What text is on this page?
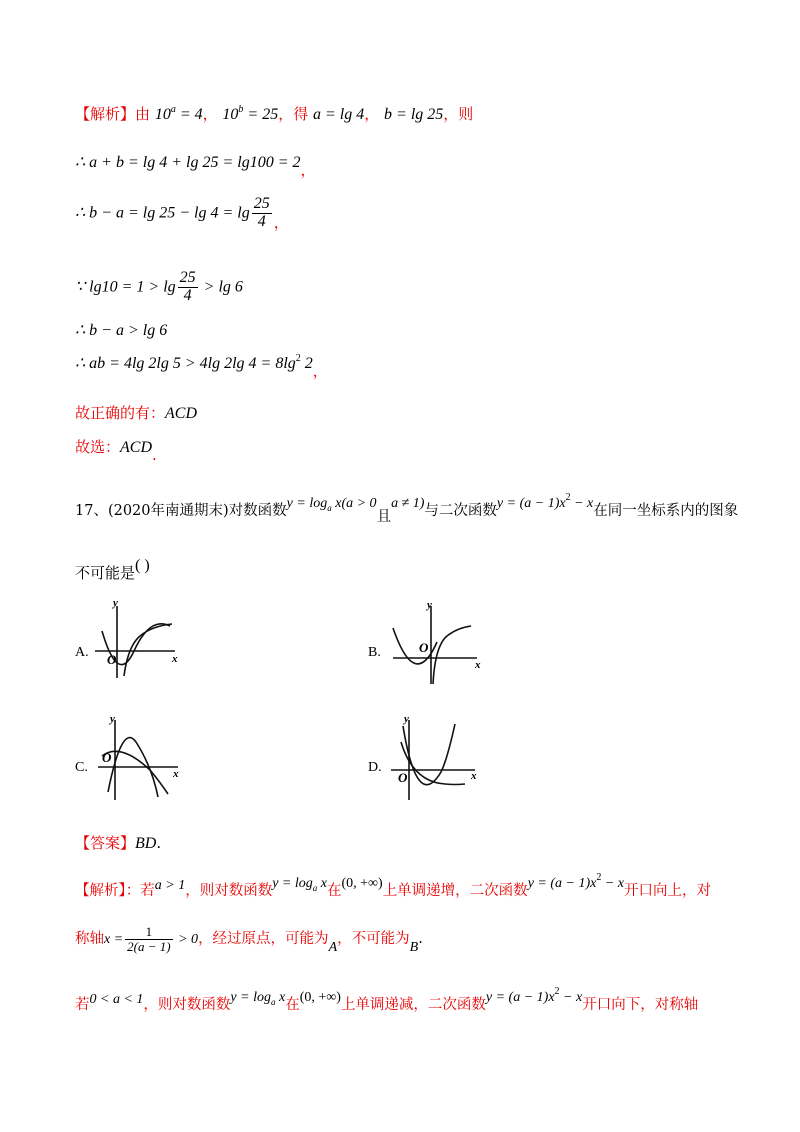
【解析】由 $10^a = 4$， $10^b = 25$，得 a = lg 4， b = lg 25，则
∴ a + b = lg 4 + lg 25 = lg100 = 2，
∴ $b - a = \lg 25 - \lg 4 = \lg \frac{25}{4}$ ，
∵ $\lg 10 = 1 > \lg \frac{25}{4} > \lg 6$
∴ b − a > lg 6
∴ ab = 4lg 2lg 5 > 4lg 2lg $4 = 8\lg^2$ 2，
故正确的有：ACD
故选：ACD.
17、(2020年南通期末)对数函数$y = \log_a x(a > 0$且a ≠ 1)与二次函数$y = (a - 1)x^2 - x$在同一坐标系内的图象
不可能是( )
A.
y
x
O	B.
y
x
O
C.
y
x
O
D.
y
x
O
【答案】BD.
【解析】：若a > 1，则对数函数$y = \log_a x$在(0, +∞)上单调递增，二次函数$y = (a - 1)x^2 - x$开口向上，对
称轴$x = \frac{1}{2(a - 1)} > 0$，经过原点，可能为A，不可能为B.
若0 < a < 1，则对数函数$y = \log_a x$在(0, +∞)上单调递减，二次函数$y = (a - 1)x^2 - x$开口向下，对称轴
